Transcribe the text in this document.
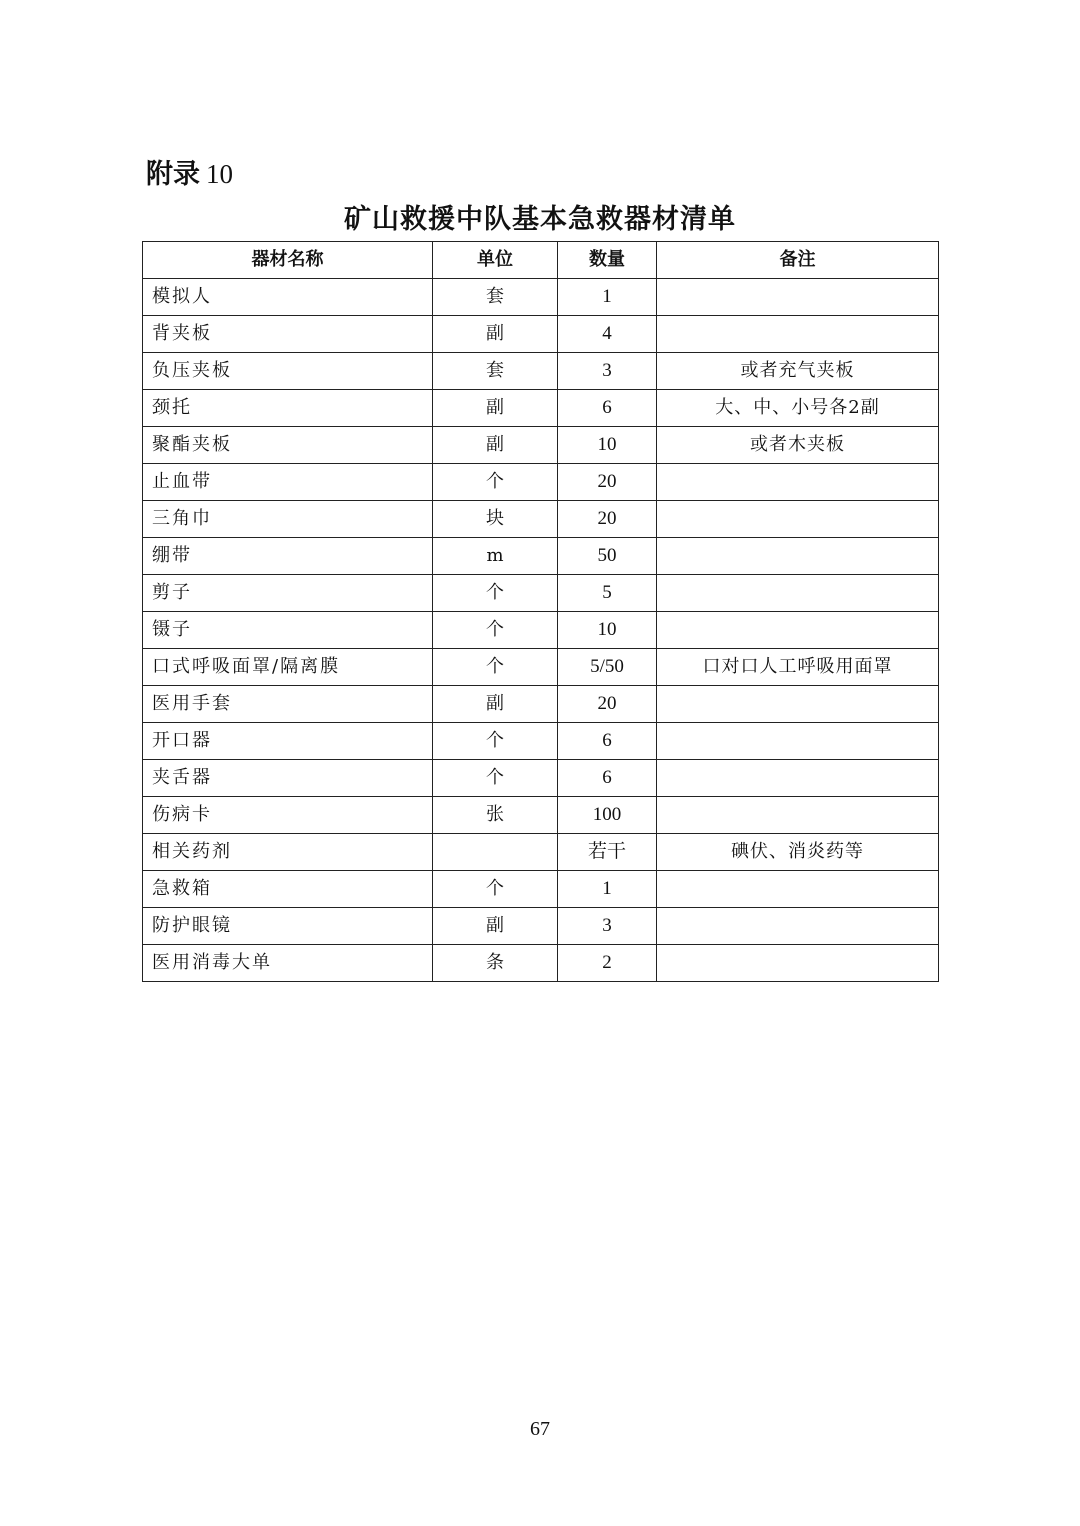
附录 10
矿山救援中队基本急救器材清单
器材名称	单位	数量	备注
模拟人	套	1	
背夹板	副	4	
负压夹板	套	3	或者充气夹板
颈托	副	6	大、中、小号各2副
聚酯夹板	副	10	或者木夹板
止血带	个	20	
三角巾	块	20	
绷带	m	50	
剪子	个	5	
镊子	个	10	
口式呼吸面罩/隔离膜	个	5/50	口对口人工呼吸用面罩
医用手套	副	20	
开口器	个	6	
夹舌器	个	6	
伤病卡	张	100	
相关药剂		若干	碘伏、消炎药等
急救箱	个	1	
防护眼镜	副	3	
医用消毒大单	条	2	
67
